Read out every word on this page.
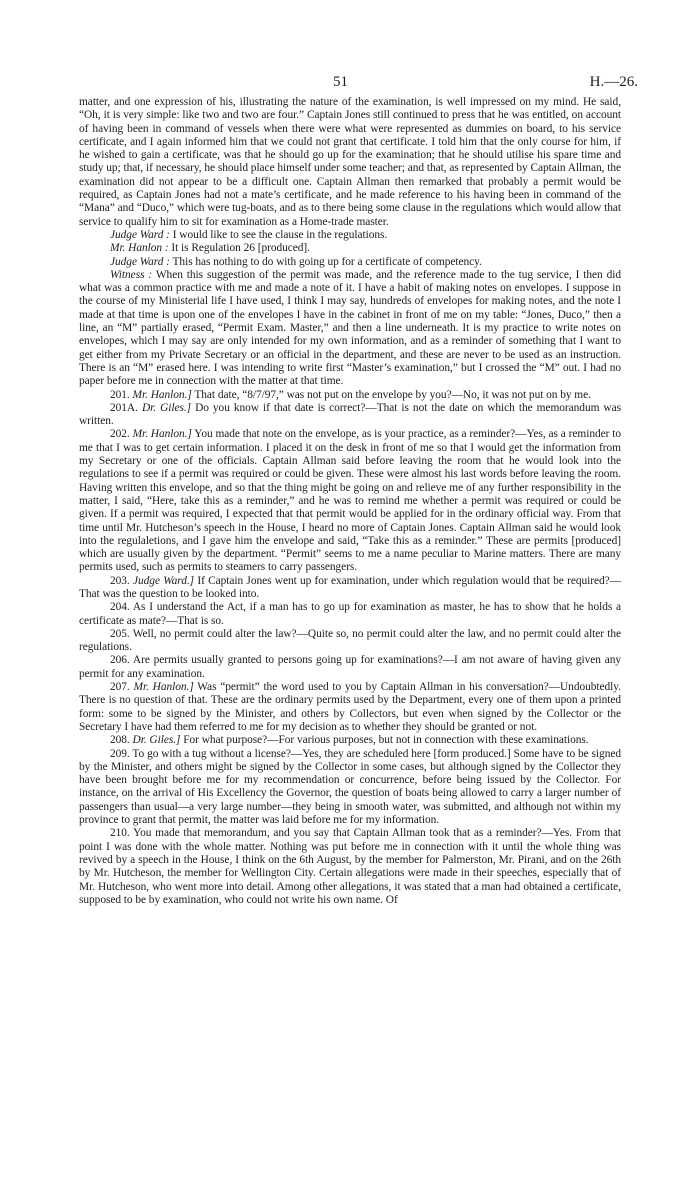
51	H.—26.

matter, and one expression of his, illustrating the nature of the examination, is well impressed on my mind. He said, “Oh, it is very simple: like two and two are four.” Captain Jones still continued to press that he was entitled, on account of having been in command of vessels when there were what were represented as dummies on board, to his service certificate, and I again informed him that we could not grant that certificate. I told him that the only course for him, if he wished to gain a certificate, was that he should go up for the examination; that he should utilise his spare time and study up; that, if necessary, he should place himself under some teacher; and that, as represented by Captain Allman, the examination did not appear to be a difficult one. Captain Allman then remarked that probably a permit would be required, as Captain Jones had not a mate’s certificate, and he made reference to his having been in command of the “Mana” and “Duco,” which were tug-boats, and as to there being some clause in the regulations which would allow that service to qualify him to sit for examination as a Home-trade master.

Judge Ward : I would like to see the clause in the regulations.

Mr. Hanlon : It is Regulation 26 [produced].

Judge Ward : This has nothing to do with going up for a certificate of competency.

Witness : When this suggestion of the permit was made, and the reference made to the tug service, I then did what was a common practice with me and made a note of it. I have a habit of making notes on envelopes. I suppose in the course of my Ministerial life I have used, I think I may say, hundreds of envelopes for making notes, and the note I made at that time is upon one of the envelopes I have in the cabinet in front of me on my table: “Jones, Duco,” then a line, an “M” partially erased, “Permit Exam. Master,” and then a line underneath. It is my practice to write notes on envelopes, which I may say are only intended for my own information, and as a reminder of something that I want to get either from my Private Secretary or an official in the department, and these are never to be used as an instruction. There is an “M” erased here. I was intending to write first “Master’s examination,” but I crossed the “M” out. I had no paper before me in connection with the matter at that time.

201. Mr. Hanlon.] That date, “8/7/97,” was not put on the envelope by you?—No, it was not put on by me.

201A. Dr. Giles.] Do you know if that date is correct?—That is not the date on which the memorandum was written.

202. Mr. Hanlon.] You made that note on the envelope, as is your practice, as a reminder?—Yes, as a reminder to me that I was to get certain information. I placed it on the desk in front of me so that I would get the information from my Secretary or one of the officials. Captain Allman said before leaving the room that he would look into the regulations to see if a permit was required or could be given. These were almost his last words before leaving the room. Having written this envelope, and so that the thing might be going on and relieve me of any further responsibility in the matter, I said, “Here, take this as a reminder,” and he was to remind me whether a permit was required or could be given. If a permit was required, I expected that that permit would be applied for in the ordinary official way. From that time until Mr. Hutcheson’s speech in the House, I heard no more of Captain Jones. Captain Allman said he would look into the regulaletions, and I gave him the envelope and said, “Take this as a reminder.” These are permits [produced] which are usually given by the department. “Permit” seems to me a name peculiar to Marine matters. There are many permits used, such as permits to steamers to carry passengers.

203. Judge Ward.] If Captain Jones went up for examination, under which regulation would that be required?—That was the question to be looked into.

204. As I understand the Act, if a man has to go up for examination as master, he has to show that he holds a certificate as mate?—That is so.

205. Well, no permit could alter the law?—Quite so, no permit could alter the law, and no permit could alter the regulations.

206. Are permits usually granted to persons going up for examinations?—I am not aware of having given any permit for any examination.

207. Mr. Hanlon.] Was “permit” the word used to you by Captain Allman in his conversation?—Undoubtedly. There is no question of that. These are the ordinary permits used by the Department, every one of them upon a printed form: some to be signed by the Minister, and others by Collectors, but even when signed by the Collector or the Secretary I have had them referred to me for my decision as to whether they should be granted or not.

208. Dr. Giles.] For what purpose?—For various purposes, but not in connection with these examinations.

209. To go with a tug without a license?—Yes, they are scheduled here [form produced.] Some have to be signed by the Minister, and others might be signed by the Collector in some cases, but although signed by the Collector they have been brought before me for my recommendation or concurrence, before being issued by the Collector. For instance, on the arrival of His Excellency the Governor, the question of boats being allowed to carry a larger number of passengers than usual—a very large number—they being in smooth water, was submitted, and although not within my province to grant that permit, the matter was laid before me for my information.

210. You made that memorandum, and you say that Captain Allman took that as a reminder?—Yes. From that point I was done with the whole matter. Nothing was put before me in connection with it until the whole thing was revived by a speech in the House, I think on the 6th August, by the member for Palmerston, Mr. Pirani, and on the 26th by Mr. Hutcheson, the member for Wellington City. Certain allegations were made in their speeches, especially that of Mr. Hutcheson, who went more into detail. Among other allegations, it was stated that a man had obtained a certificate, supposed to be by examination, who could not write his own name. Of
